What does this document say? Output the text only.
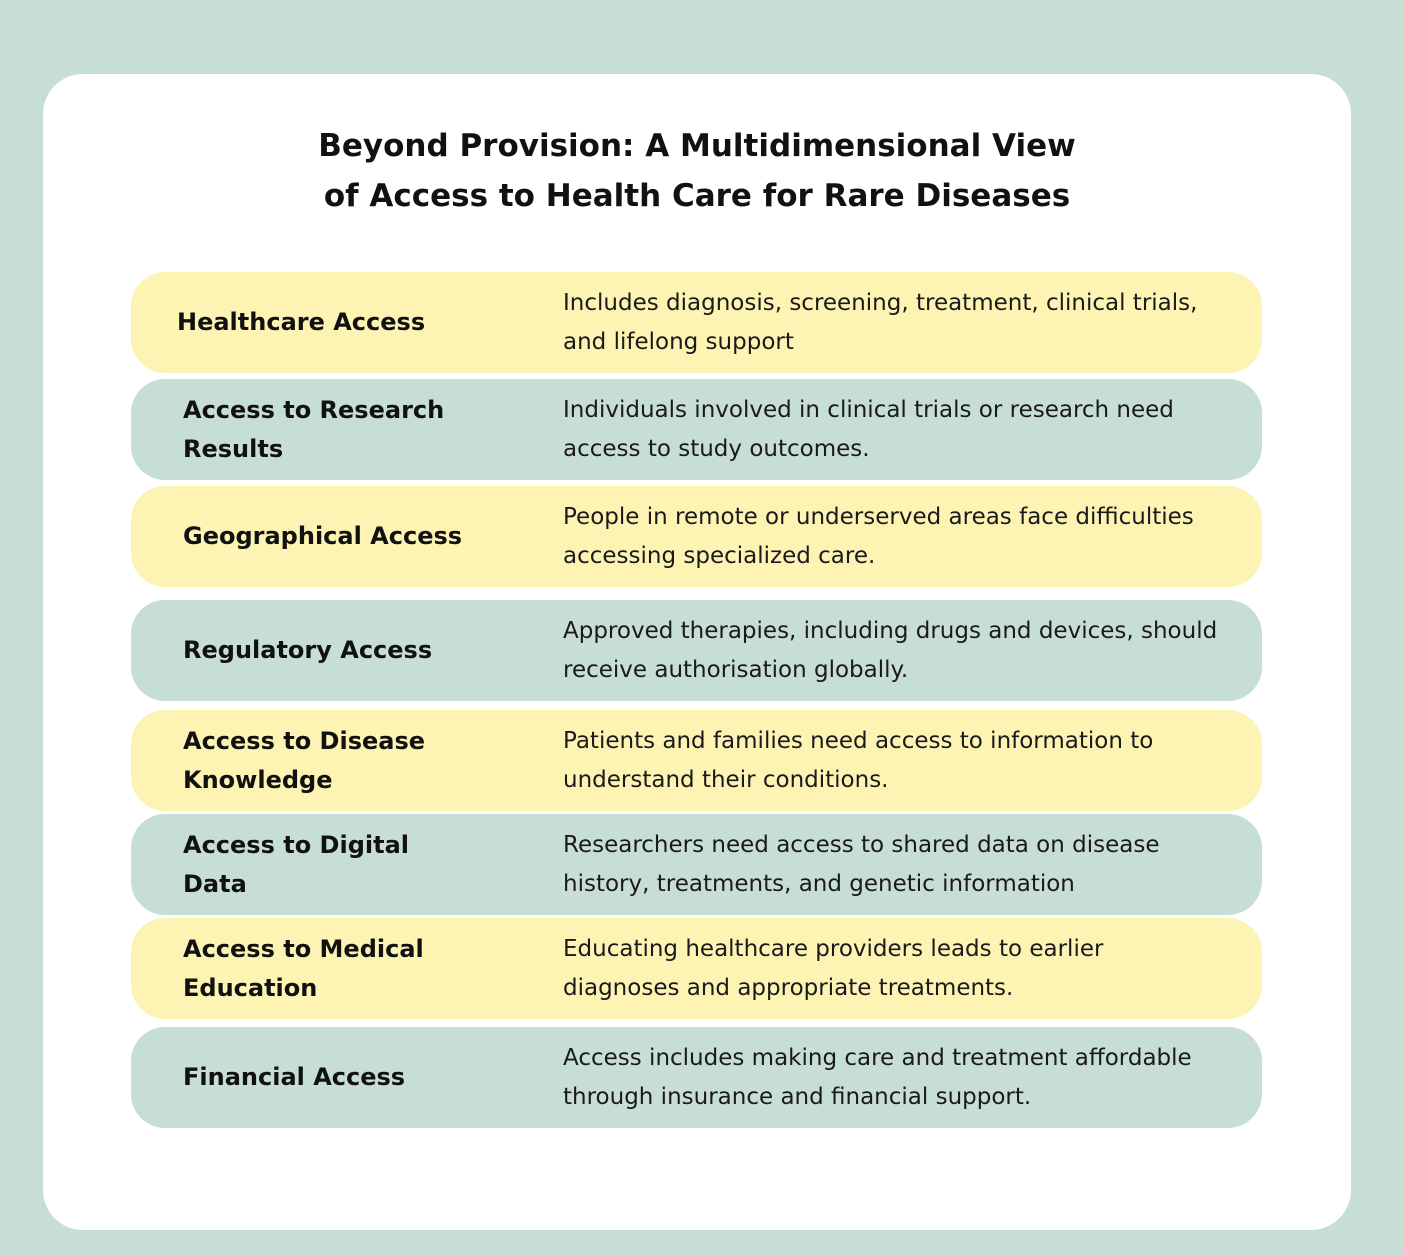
Beyond Provision: A Multidimensional View
of Access to Health Care for Rare Diseases
Healthcare Access
Includes diagnosis, screening, treatment, clinical trials, and lifelong support
Access to Research
Results
Individuals involved in clinical trials or research need access to study outcomes.
Geographical Access
People in remote or underserved areas face difficulties accessing specialized care.
Regulatory Access
Approved therapies, including drugs and devices, should receive authorisation globally.
Access to Disease
Knowledge
Patients and families need access to information to understand their conditions.
Access to Digital
Data
Researchers need access to shared data on disease history, treatments, and genetic information
Access to Medical
Education
Educating healthcare providers leads to earlier diagnoses and appropriate treatments.
Financial Access
Access includes making care and treatment affordable through insurance and financial support.
